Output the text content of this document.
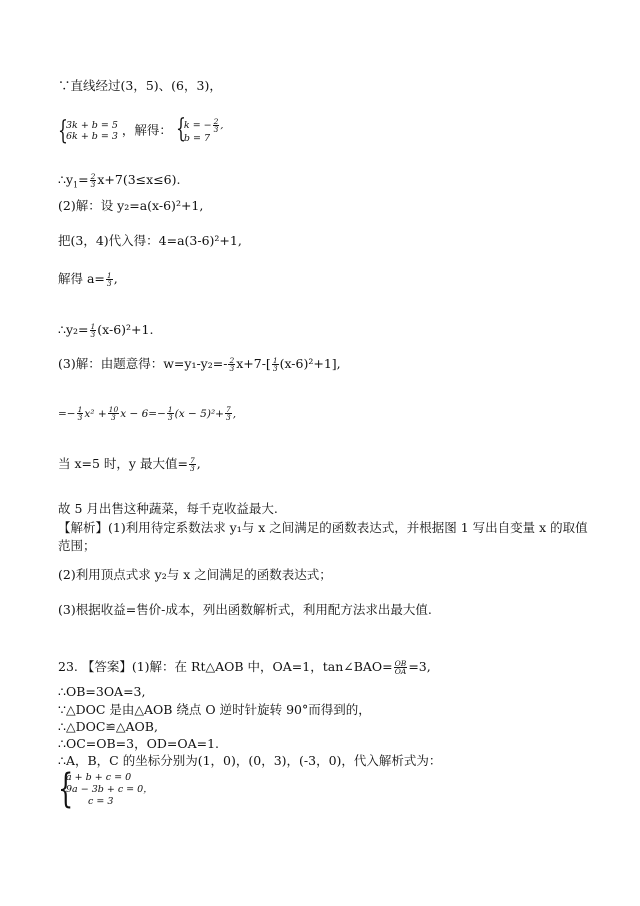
∵直线经过(3，5)、(6，3)，
{
3k + b = 5
6k + b = 3 ，解得： {
k = − $\frac{2}{3}$ ,
b = 7
$\therefore y_1= \frac{2}{3} x+7(3\le x\le 6)$.
(2)解：设 y₂=a(x-6)²+1,
把(3，4)代入得：4=a(3-6)²+1,
解得 $a= \frac{1}{3}$ ,
∴y₂= $\frac{1}{3} (x-6)^2+1$.
(3)解：由题意得：$w=y_1-y_2=- \frac{2}{3} x+7-[ \frac{1}{3} (x-6)^2+1]$,
=− $\frac{1}{3} x^2 + \frac{10}{3}$ $x - 6=- \frac{1}{3} (x - 5)^2+ \frac{7}{3}$ ,
当 x=5 时，y 最大值= $\frac{7}{3}$ ,
故 5 月出售这种蔬菜，每千克收益最大.
【解析】(1)利用待定系数法求 y₁与 x 之间满足的函数表达式，并根据图 1 写出自变量 x 的取值范围；
(2)利用顶点式求 y₂与 x 之间满足的函数表达式；
(3)根据收益=售价-成本，列出函数解析式，利用配方法求出最大值.
23. 【答案】(1)解：在 Rt△AOB 中，OA=1，tan∠BAO= $\frac{OB}{OA} =3$,
∴OB=3OA=3,
∵△DOC 是由△AOB 绕点 O 逆时针旋转 90°而得到的，
∴△DOC≌△AOB,
∴OC=OB=3，OD=OA=1.
∴A，B，C 的坐标分别为(1，0)，(0，3)，(-3，0)，代入解析式为：
{
a + b + c = 0
9a − 3b + c = 0，
c = 3
